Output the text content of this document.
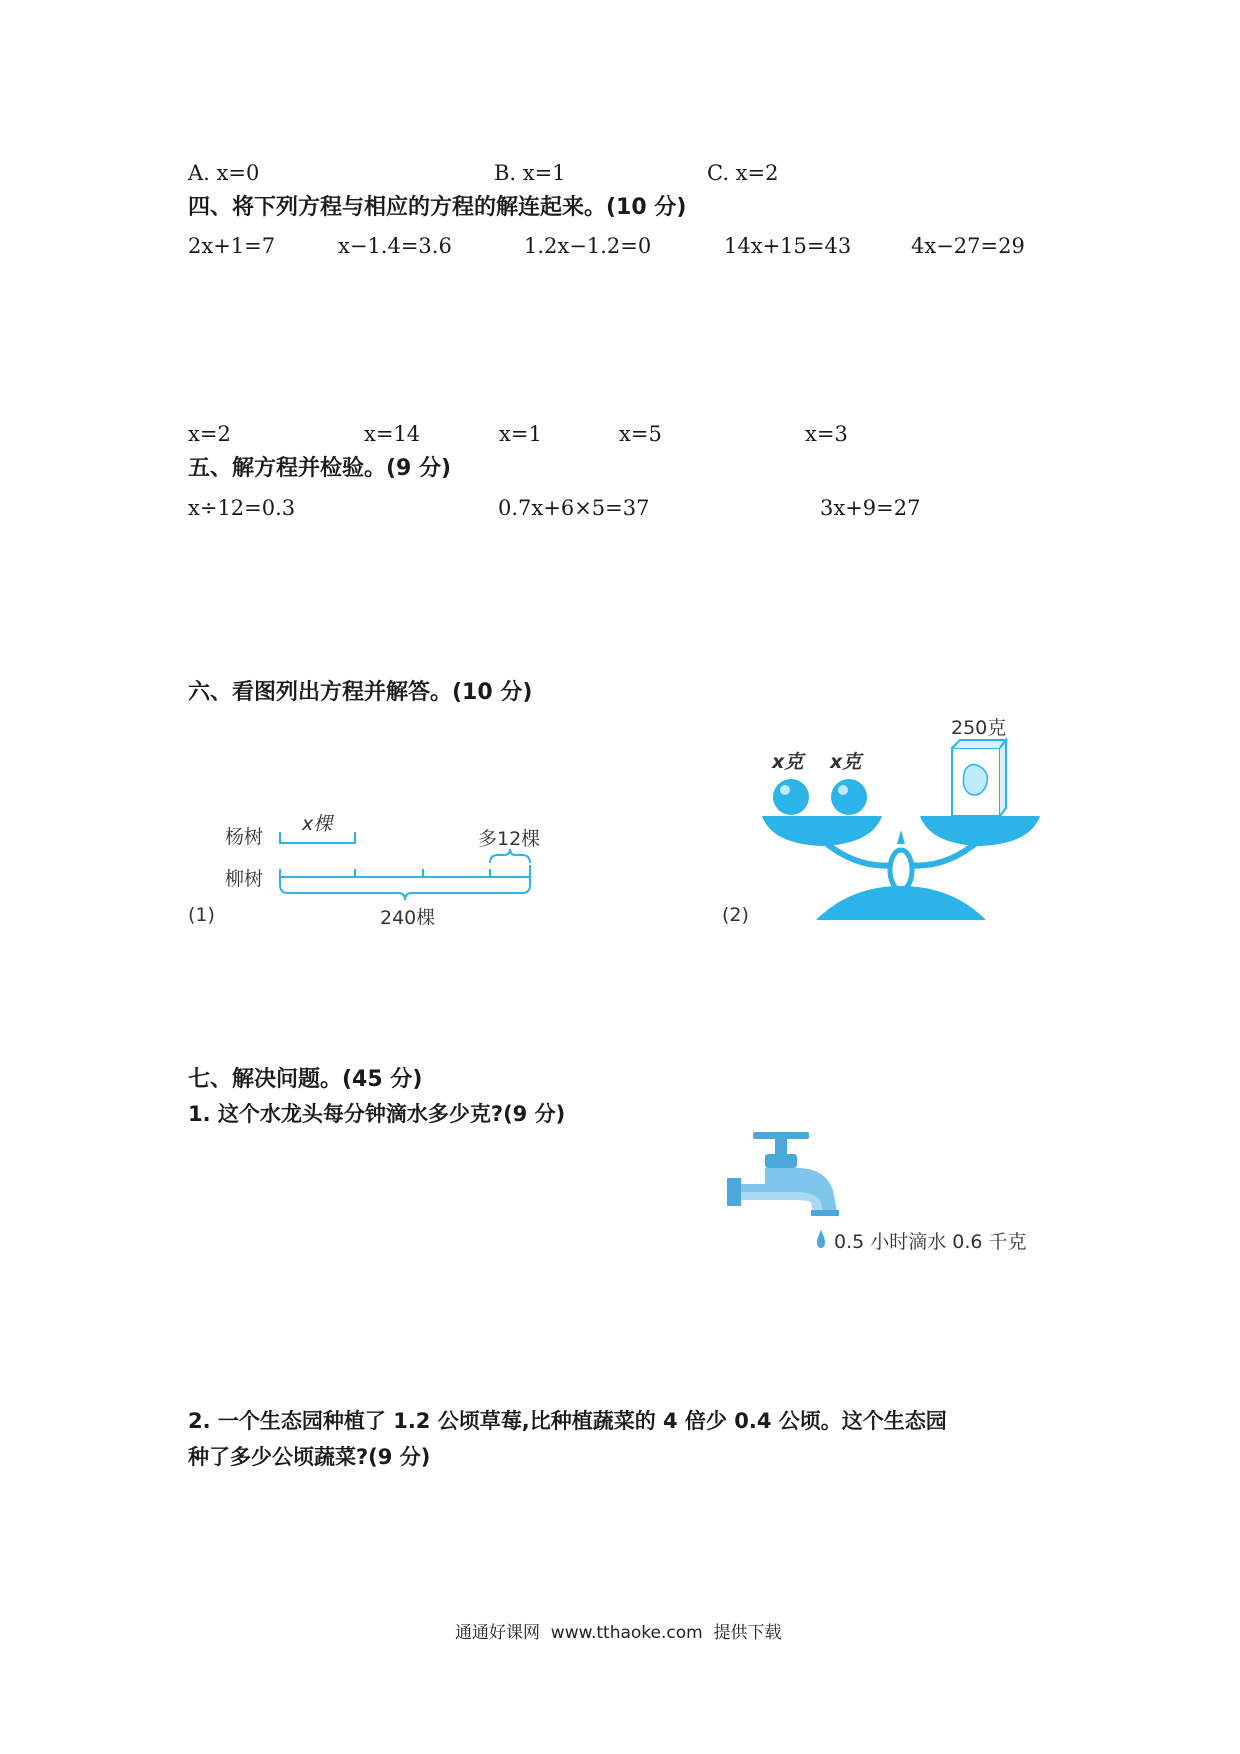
A. x=0	B. x=1	C. x=2
四、将下列方程与相应的方程的解连起来。(10 分)
2x+1=7	x−1.4=3.6	1.2x−1.2=0	14x+15=43	4x−27=29
x=2	x=14	x=1	x=5	x=3
五、解方程并检验。(9 分)
x÷12=0.3	0.7x+6×5=37	3x+9=27
六、看图列出方程并解答。(10 分)
杨树
柳树
x棵
多12棵
240棵
(1)
250克
x克 x克
(2)
七、解决问题。(45 分)
1. 这个水龙头每分钟滴水多少克?(9 分)
0.5 小时滴水 0.6 千克
2. 一个生态园种植了 1.2 公顷草莓,比种植蔬菜的 4 倍少 0.4 公顷。这个生态园
种了多少公顷蔬菜?(9 分)
通通好课网  www.tthaoke.com  提供下载
